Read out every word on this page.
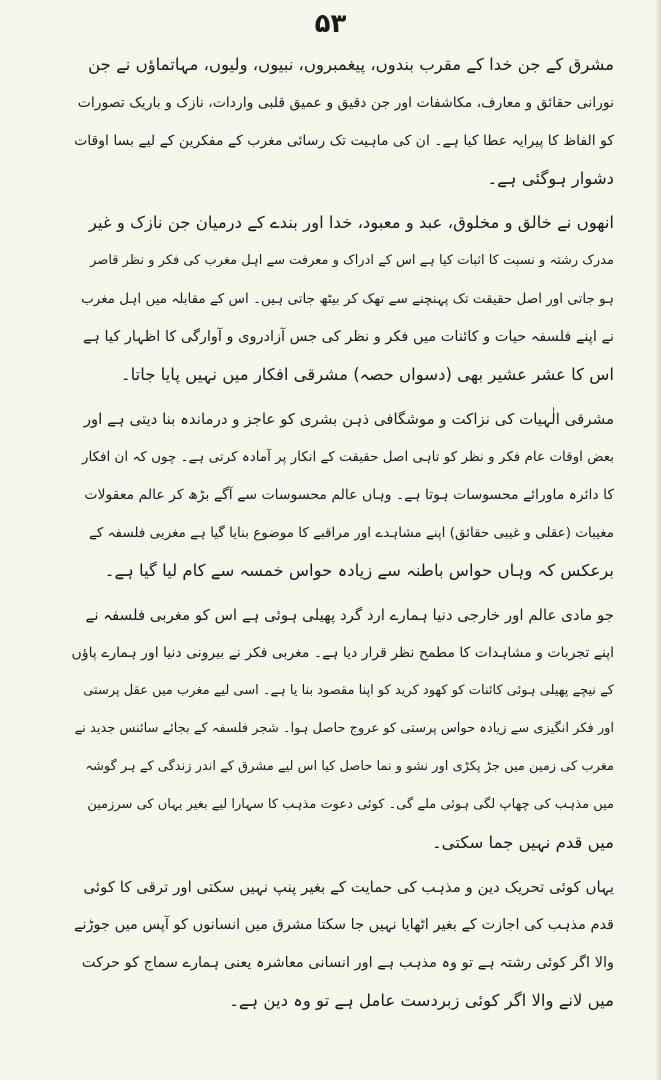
۵۳
مشرق کے جن خدا کے مقرب بندوں، پیغمبروں، نبیوں، ولیوں، مہاتماؤں نے جن
نورانی حقائق و معارف، مکاشفات اور جن دقیق و عمیق قلبی واردات، نازک و باریک تصورات
کو الفاظ کا پیرایہ عطا کیا ہے۔ ان کی ماہیت تک رسائی مغرب کے مفکرین کے لیے بسا اوقات
دشوار ہوگئی ہے۔
انھوں نے خالق و مخلوق، عبد و معبود، خدا اور بندے کے درمیان جن نازک و غیر
مدرک رشتہ و نسبت کا اثبات کیا ہے اس کے ادراک و معرفت سے اہل مغرب کی فکر و نظر قاصر
ہو جاتی اور اصل حقیقت تک پہنچنے سے تھک کر بیٹھ جاتی ہیں۔ اس کے مقابلہ میں اہل مغرب
نے اپنے فلسفہ حیات و کائنات میں فکر و نظر کی جس آزادروی و آوارگی کا اظہار کیا ہے
اس کا عشر عشیر بھی (دسواں حصہ) مشرقی افکار میں نہیں پایا جاتا۔
مشرقی الٰہیات کی نزاکت و موشگافی ذہن بشری کو عاجز و درماندہ بنا دیتی ہے اور
بعض اوقات عام فکر و نظر کو تاہی اصل حقیقت کے انکار پر آمادہ کرتی ہے۔ چوں کہ ان افکار
کا دائرہ ماورائے محسوسات ہوتا ہے۔ وہاں عالم محسوسات سے آگے بڑھ کر عالم معقولات
مغیبات (عقلی و غیبی حقائق) اپنے مشاہدے اور مراقبے کا موضوع بنایا گیا ہے مغربی فلسفہ کے
برعکس کہ وہاں حواس باطنہ سے زیادہ حواس خمسہ سے کام لیا گیا ہے۔
جو مادی عالم اور خارجی دنیا ہمارے ارد گرد پھیلی ہوئی ہے اس کو مغربی فلسفہ نے
اپنے تجربات و مشاہدات کا مطمح نظر قرار دیا ہے۔ مغربی فکر نے بیرونی دنیا اور ہمارے پاؤں
کے نیچے پھیلی ہوئی کائنات کو کھود کرید کو اپنا مقصود بنا یا ہے۔ اسی لیے مغرب میں عقل پرستی
اور فکر انگیزی سے زیادہ حواس پرستی کو عروج حاصل ہوا۔ شجر فلسفہ کے بجائے سائنس جدید نے
مغرب کی زمین میں جڑ پکڑی اور نشو و نما حاصل کیا اس لیے مشرق کے اندر زندگی کے ہر گوشہ
میں مذہب کی چھاپ لگی ہوئی ملے گی۔ کوئی دعوت مذہب کا سہارا لیے بغیر یہاں کی سرزمین
میں قدم نہیں جما سکتی۔
یہاں کوئی تحریک دین و مذہب کی حمایت کے بغیر پنپ نہیں سکتی اور ترقی کا کوئی
قدم مذہب کی اجازت کے بغیر اٹھایا نہیں جا سکتا مشرق میں انسانوں کو آپس میں جوڑنے
والا اگر کوئی رشتہ ہے تو وہ مذہب ہے اور انسانی معاشرہ یعنی ہمارے سماج کو حرکت
میں لانے والا اگر کوئی زبردست عامل ہے تو وہ دین ہے۔
